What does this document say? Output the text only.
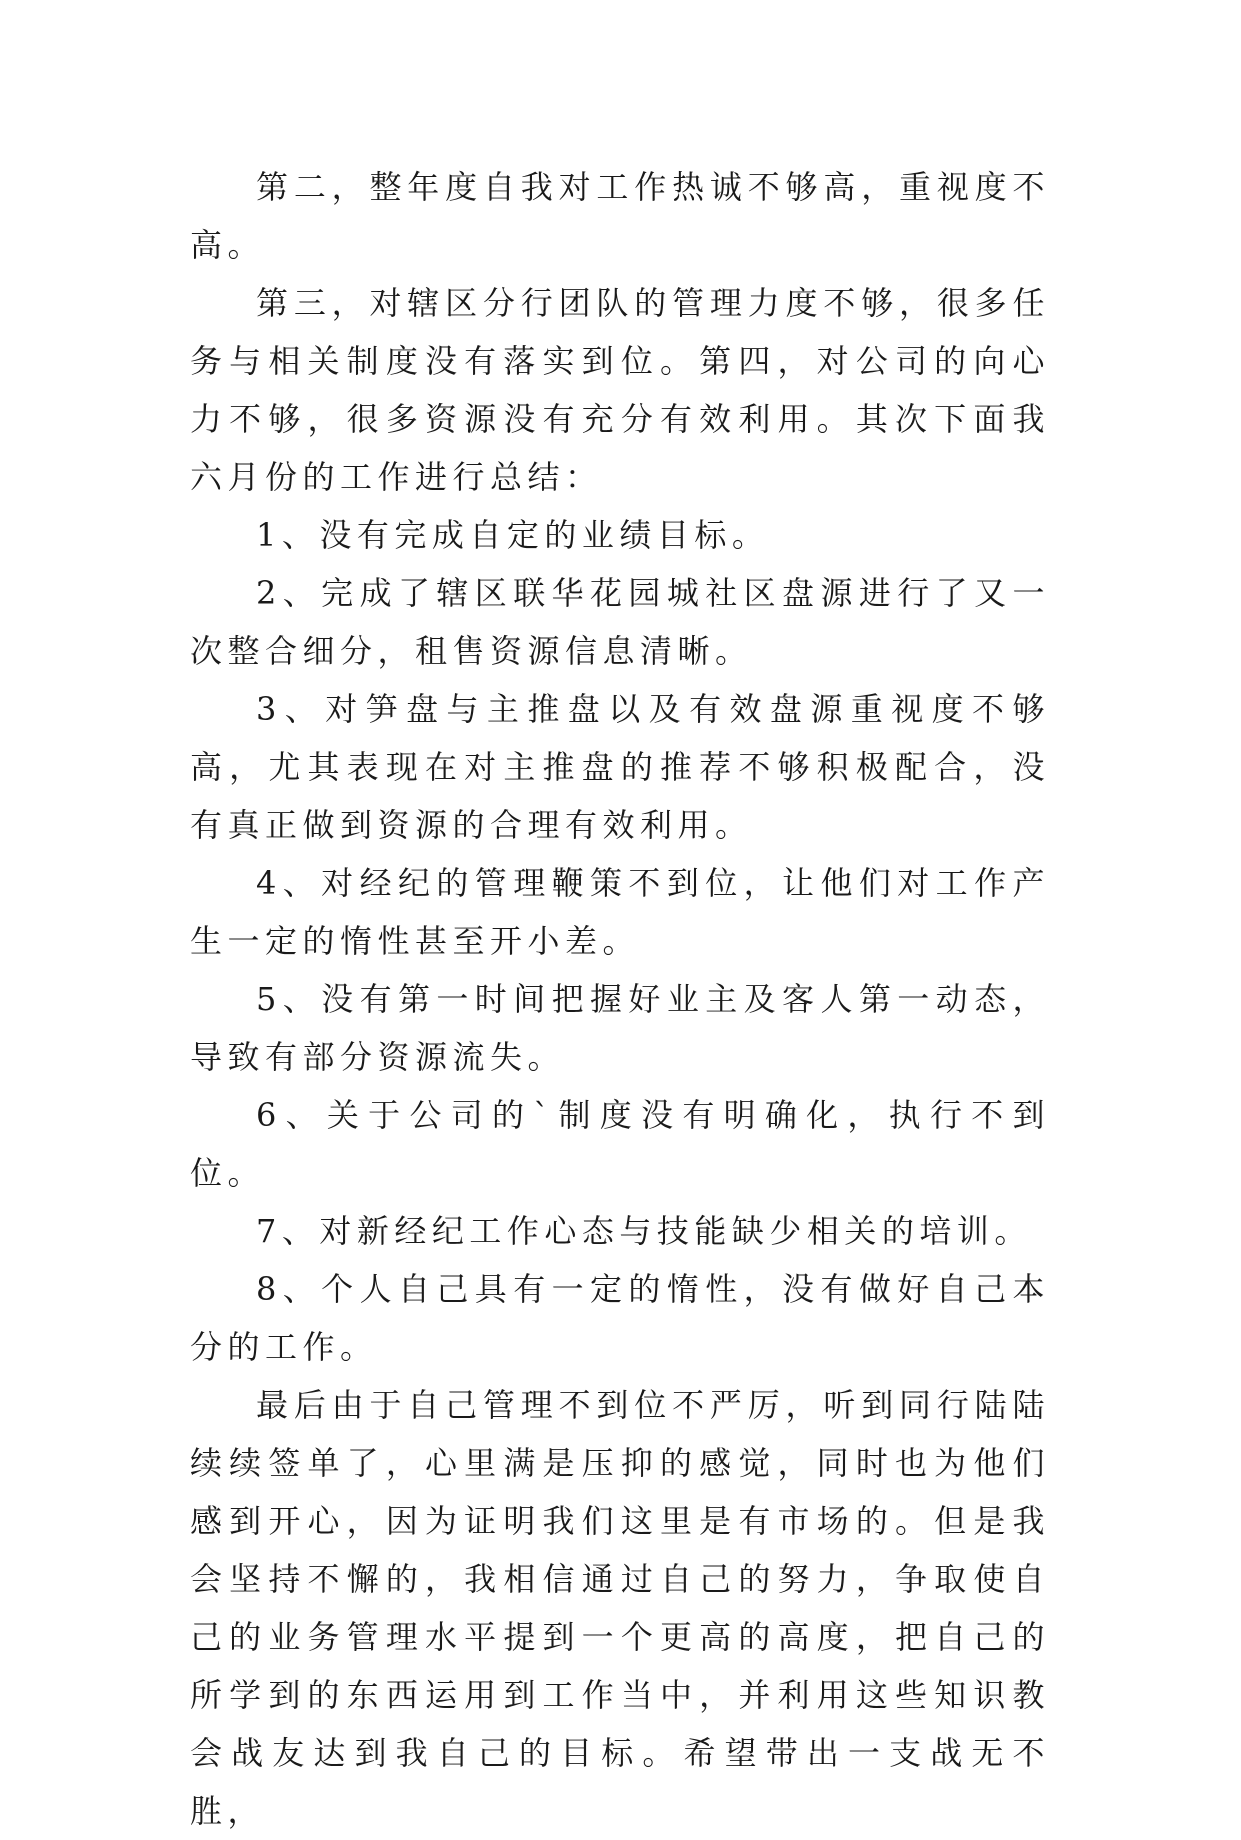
第二，整年度自我对工作热诚不够高，重视度不高。

第三，对辖区分行团队的管理力度不够，很多任务与相关制度没有落实到位。第四，对公司的向心力不够，很多资源没有充分有效利用。其次下面我六月份的工作进行总结：

1、没有完成自定的业绩目标。

2、完成了辖区联华花园城社区盘源进行了又一次整合细分，租售资源信息清晰。

3、对笋盘与主推盘以及有效盘源重视度不够高，尤其表现在对主推盘的推荐不够积极配合，没有真正做到资源的合理有效利用。

4、对经纪的管理鞭策不到位，让他们对工作产生一定的惰性甚至开小差。

5、没有第一时间把握好业主及客人第一动态，导致有部分资源流失。

6、关于公司的`制度没有明确化，执行不到位。

7、对新经纪工作心态与技能缺少相关的培训。

8、个人自己具有一定的惰性，没有做好自己本分的工作。

最后由于自己管理不到位不严厉，听到同行陆陆续续签单了，心里满是压抑的感觉，同时也为他们感到开心，因为证明我们这里是有市场的。但是我会坚持不懈的，我相信通过自己的努力，争取使自己的业务管理水平提到一个更高的高度，把自己的所学到的东西运用到工作当中，并利用这些知识教会战友达到我自己的目标。希望带出一支战无不胜，
